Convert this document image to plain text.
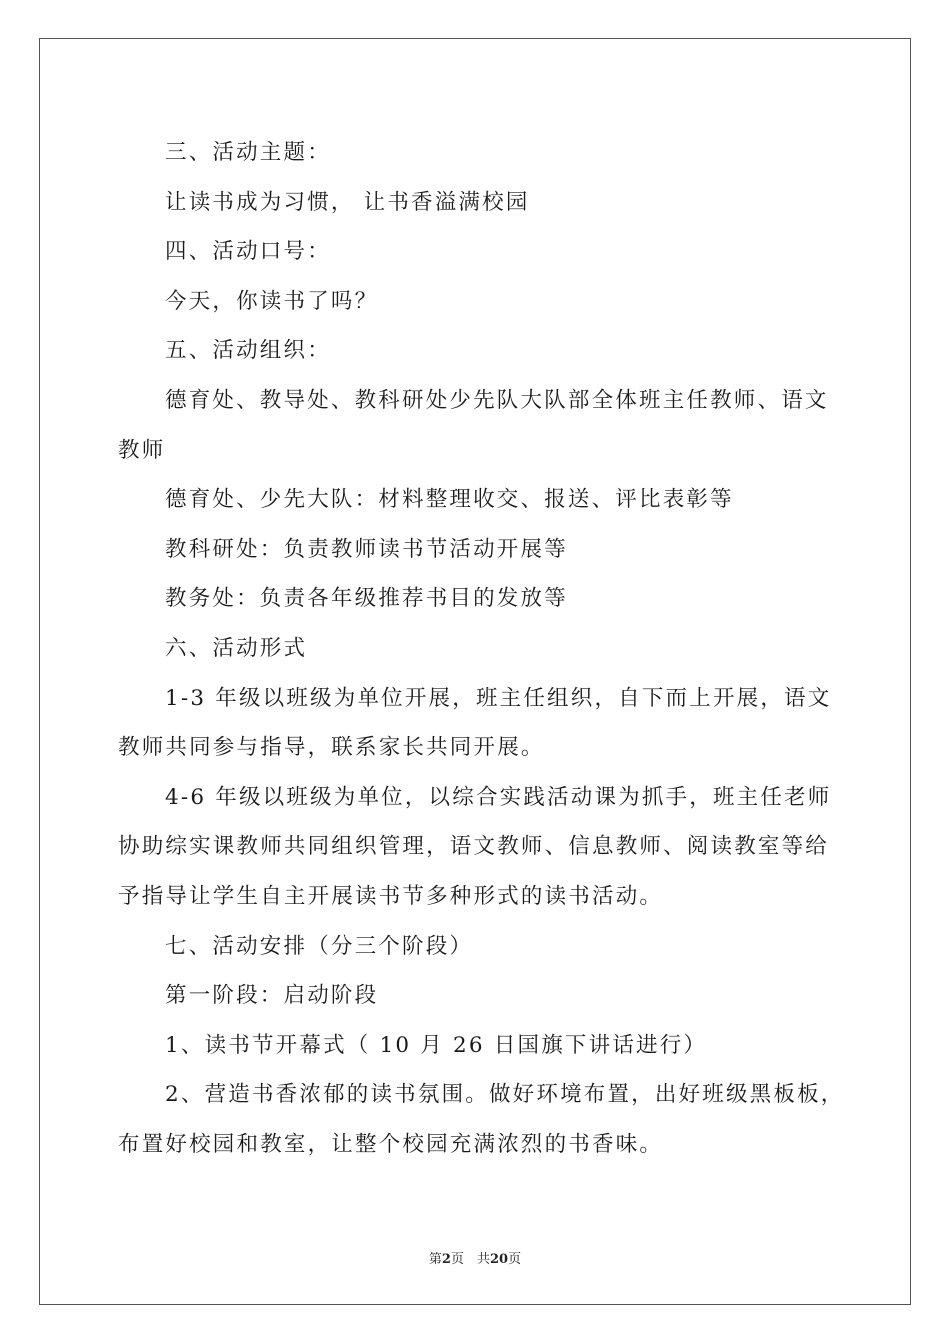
三、活动主题：
让读书成为习惯， 让书香溢满校园
四、活动口号：
今天，你读书了吗？
五、活动组织：
德育处、教导处、教科研处少先队大队部全体班主任教师、语文
教师
德育处、少先大队：材料整理收交、报送、评比表彰等
教科研处：负责教师读书节活动开展等
教务处：负责各年级推荐书目的发放等
六、活动形式
1-3 年级以班级为单位开展，班主任组织，自下而上开展，语文
教师共同参与指导，联系家长共同开展。
4-6 年级以班级为单位，以综合实践活动课为抓手，班主任老师
协助综实课教师共同组织管理，语文教师、信息教师、阅读教室等给
予指导让学生自主开展读书节多种形式的读书活动。
七、活动安排（分三个阶段）
第一阶段：启动阶段
1、读书节开幕式（ 10 月 26 日国旗下讲话进行）
2、营造书香浓郁的读书氛围。做好环境布置，出好班级黑板板，
布置好校园和教室，让整个校园充满浓烈的书香味。
第2页　共20页
